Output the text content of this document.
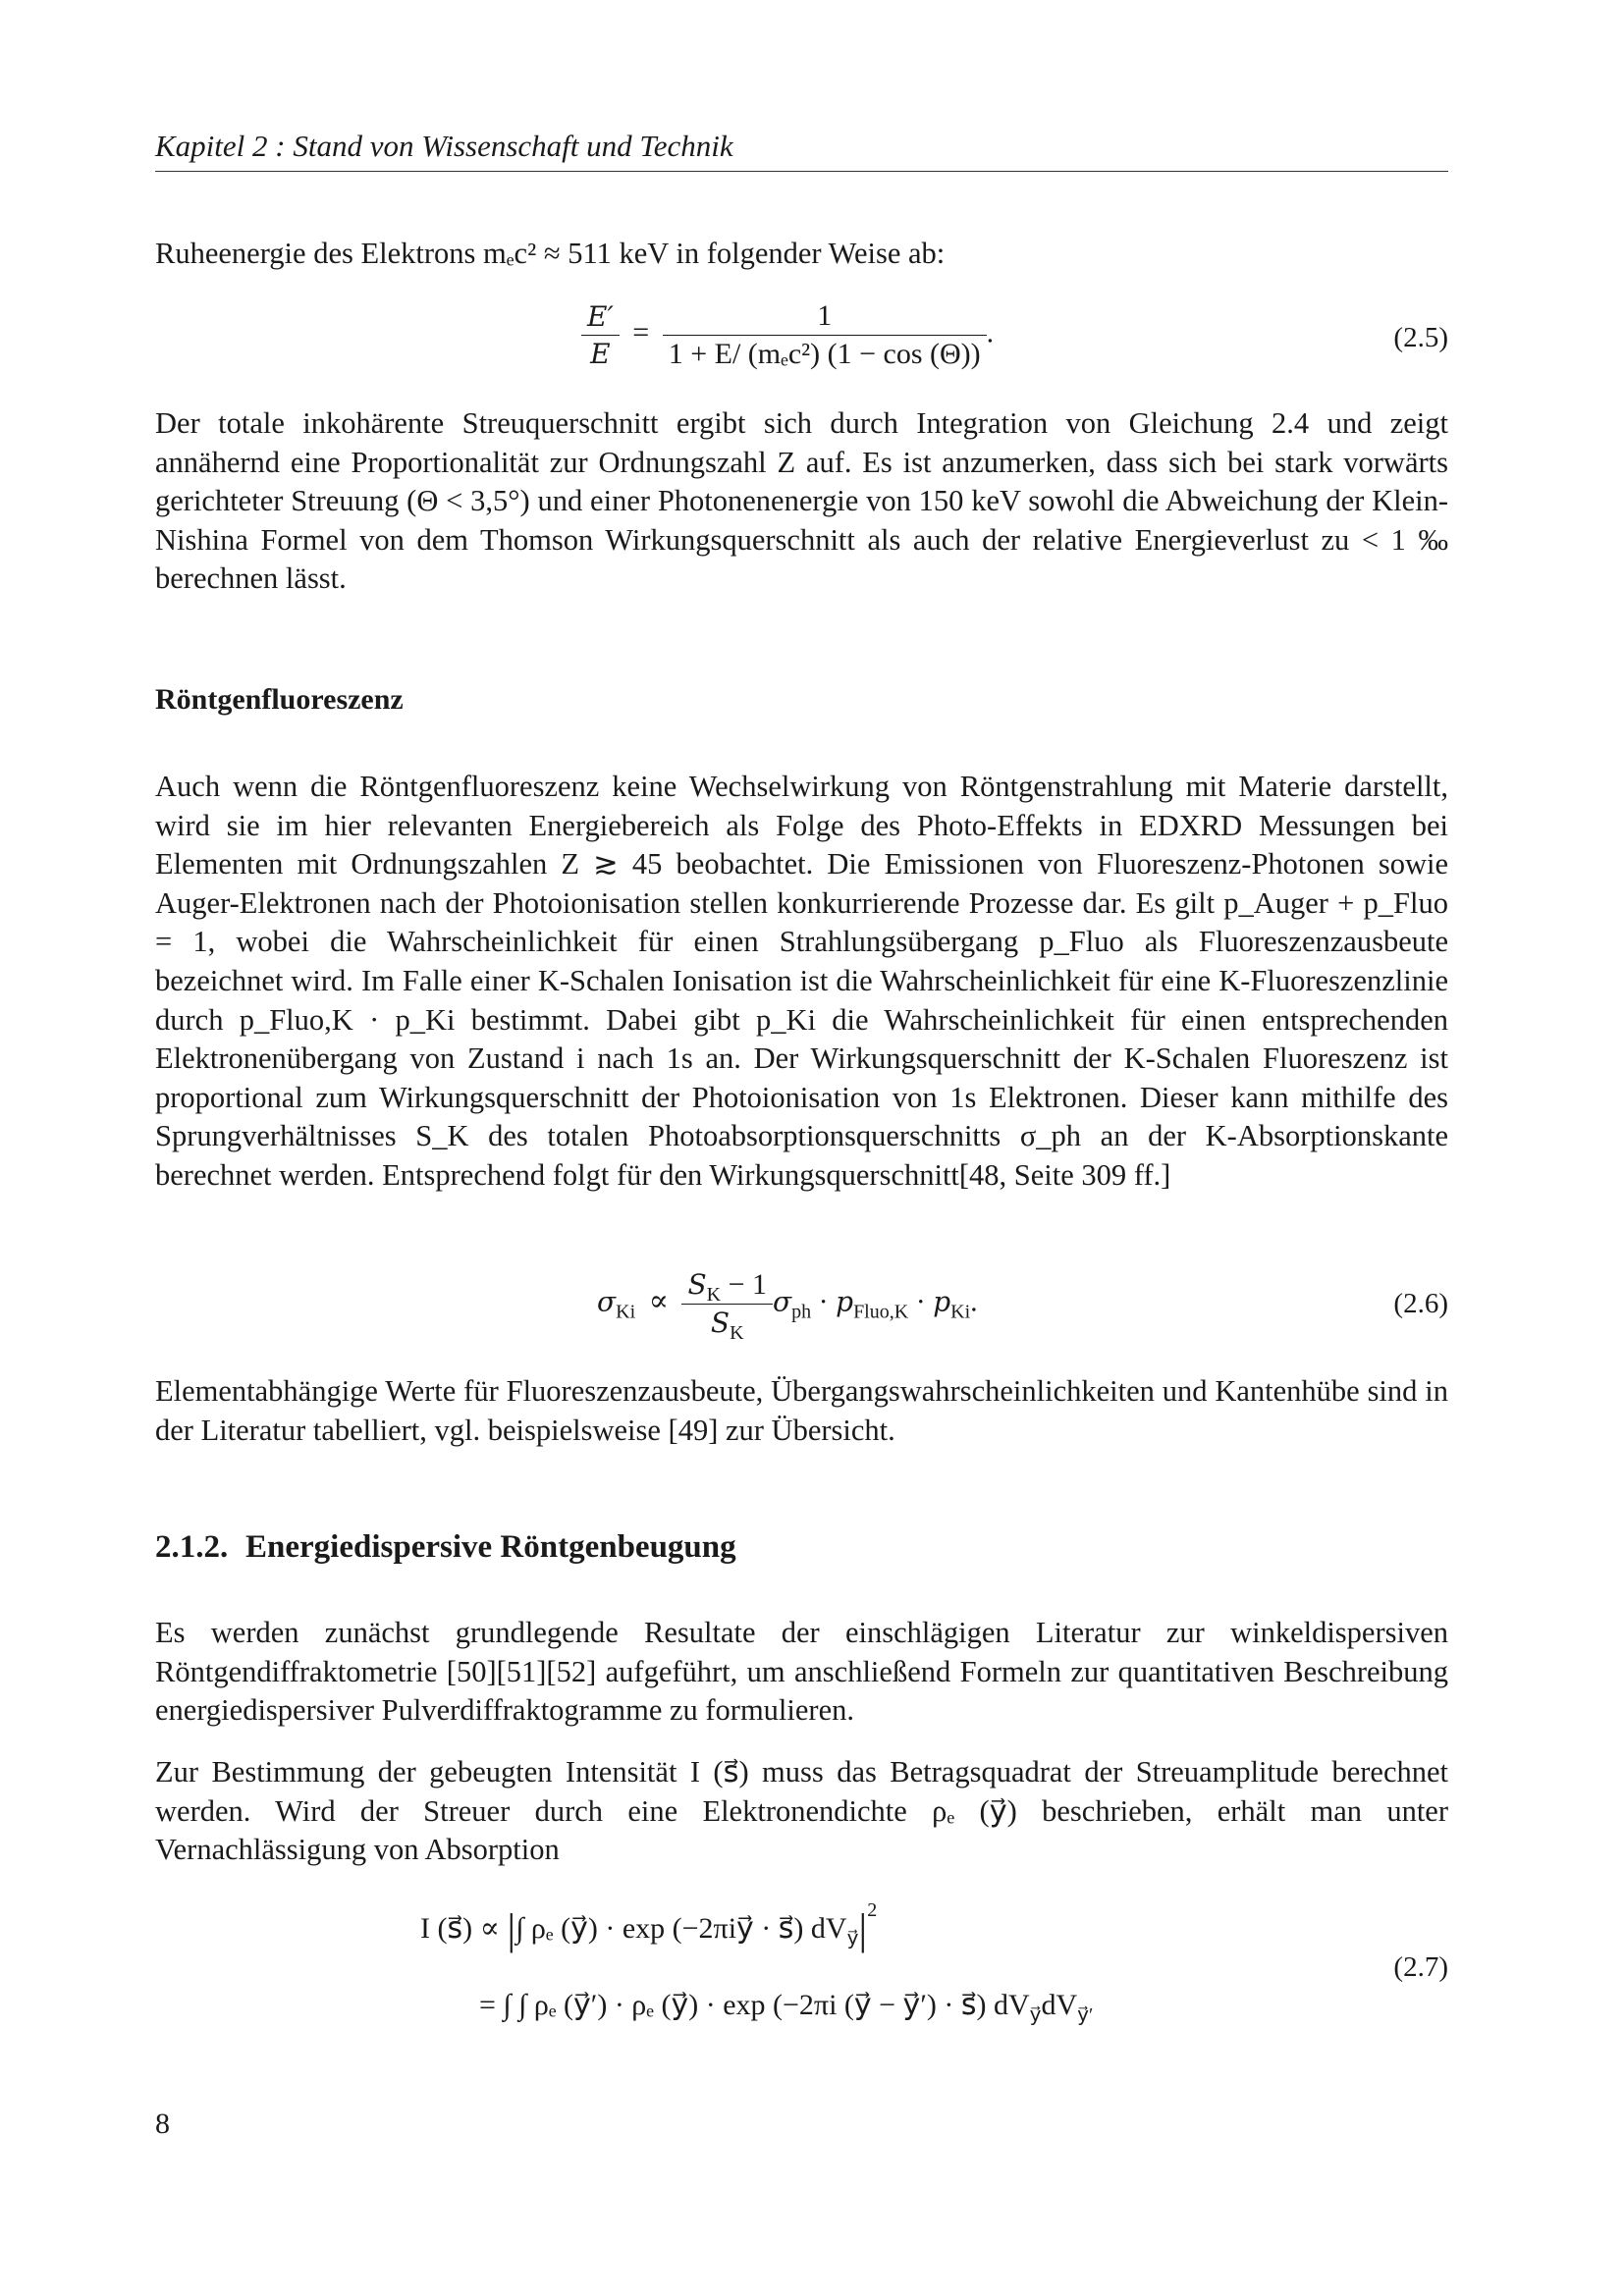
Kapitel 2 : Stand von Wissenschaft und Technik

Ruheenergie des Elektrons mₑc² ≈ 511 keV in folgender Weise ab:

$\frac{E'}{E} = \frac{1}{\text{1 + E/ (mₑc²) (1 − cos (Θ))}}$ .	(2.5)

Der totale inkohärente Streuquerschnitt ergibt sich durch Integration von Gleichung 2.4 und zeigt annähernd eine Proportionalität zur Ordnungszahl Z auf. Es ist anzumerken, dass sich bei stark vorwärts gerichteter Streuung (Θ < 3,5°) und einer Photonenenergie von 150 keV sowohl die Abweichung der Klein-Nishina Formel von dem Thomson Wirkungsquerschnitt als auch der relative Energieverlust zu < 1 ‰ berechnen lässt.

Röntgenfluoreszenz

Auch wenn die Röntgenfluoreszenz keine Wechselwirkung von Röntgenstrahlung mit Materie darstellt, wird sie im hier relevanten Energiebereich als Folge des Photo-Effekts in EDXRD Messungen bei Elementen mit Ordnungszahlen Z ≳ 45 beobachtet. Die Emissionen von Fluoreszenz-Photonen sowie Auger-Elektronen nach der Photoionisation stellen konkurrierende Prozesse dar. Es gilt p_Auger + p_Fluo = 1, wobei die Wahrscheinlichkeit für einen Strahlungsübergang p_Fluo als Fluoreszenzausbeute bezeichnet wird. Im Falle einer K-Schalen Ionisation ist die Wahrscheinlichkeit für eine K-Fluoreszenzlinie durch p_Fluo,K · p_Ki bestimmt. Dabei gibt p_Ki die Wahrscheinlichkeit für einen entsprechenden Elektronenübergang von Zustand i nach 1s an. Der Wirkungsquerschnitt der K-Schalen Fluoreszenz ist proportional zum Wirkungsquerschnitt der Photoionisation von 1s Elektronen. Dieser kann mithilfe des Sprungverhältnisses S_K des totalen Photoabsorptionsquerschnitts σ_ph an der K-Absorptionskante berechnet werden. Entsprechend folgt für den Wirkungsquerschnitt[48, Seite 309 ff.]

$\sigma_{Ki} \propto \frac{S_K - 1}{S_K} \sigma_{ph} \cdot p_{Fluo,K} \cdot p_{Ki}$.	(2.6)

Elementabhängige Werte für Fluoreszenzausbeute, Übergangswahrscheinlichkeiten und Kantenhübe sind in der Literatur tabelliert, vgl. beispielsweise [49] zur Übersicht.

2.1.2. Energiedispersive Röntgenbeugung

Es werden zunächst grundlegende Resultate der einschlägigen Literatur zur winkeldispersiven Röntgendiffraktometrie [50][51][52] aufgeführt, um anschließend Formeln zur quantitativen Beschreibung energiedispersiver Pulverdiffraktogramme zu formulieren.

Zur Bestimmung der gebeugten Intensität I (s⃗) muss das Betragsquadrat der Streuamplitude berechnet werden. Wird der Streuer durch eine Elektronendichte ρₑ (y⃗) beschrieben, erhält man unter Vernachlässigung von Absorption

I (s⃗) ∝ |∫ ρₑ (y⃗) · exp (−2πiy⃗ · s⃗) $dV_{y⃗}|^2$
= ∫ ∫ ρₑ (y⃗′) · ρₑ (y⃗) · exp (−2πi (y⃗ − y⃗′) · s⃗) $dV_{y⃗}dV_{y⃗'}$
(2.7)
8
